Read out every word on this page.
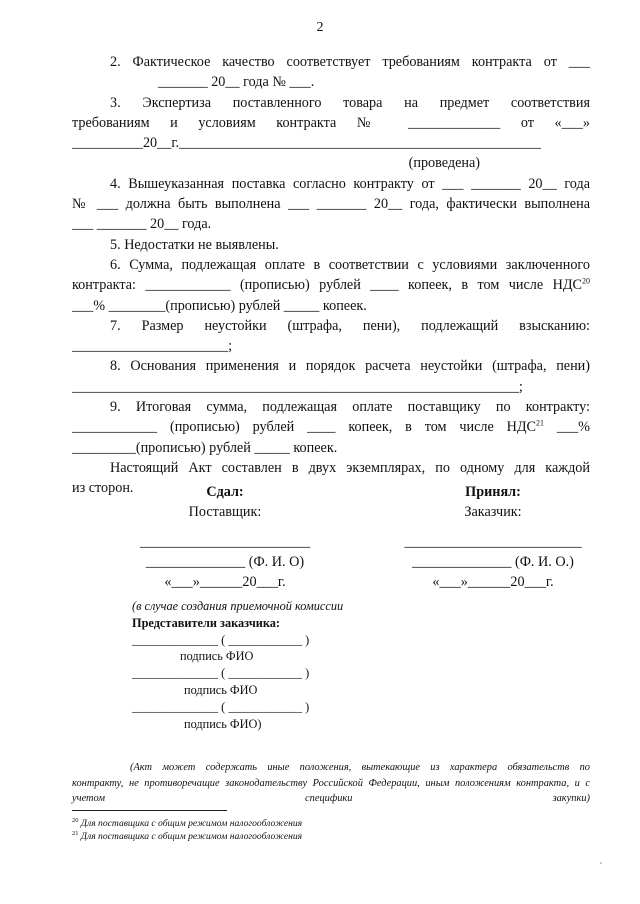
2

2. Фактическое качество соответствует требованиям контракта от ___

_______ 20__ года № ___.

3. Экспертиза поставленного товара на предмет соответствия

требованиям и условиям контракта № _____________ от «___»

__________20__г.___________________________________________________

(проведена)

4. Вышеуказанная поставка согласно контракту от ___ _______ 20__ года

№ ___ должна быть выполнена ___ _______ 20__ года, фактически выполнена

___ _______ 20__ года.

5. Недостатки не выявлены.

6. Сумма, подлежащая оплате в соответствии с условиями заключенного

контракта: ____________ (прописью) рублей ____ копеек, в том числе НДС$^{20}$

___% ________(прописью) рублей _____ копеек.

7. Размер неустойки (штрафа, пени), подлежащий взысканию:

______________________;

8. Основания применения и порядок расчета неустойки (штрафа, пени)

_______________________________________________________________;

9. Итоговая сумма, подлежащая оплате поставщику по контракту:

____________ (прописью) рублей ____ копеек, в том числе НДС$^{21}$ ___%

_________(прописью) рублей _____ копеек.

Настоящий Акт составлен в двух экземплярах, по одному для каждой

из сторон.	Сдал:
Поставщик:
________________________
______________ (Ф. И. О)
«___»______20___г.
Принял:
Заказчик:
_________________________
______________ (Ф. И. О.)
«___»______20___г.
(в случае создания приемочной комиссии
Представители заказчика:
______________ ( ____________ )
подпись ФИО
______________ ( ____________ )
подпись ФИО
______________ ( ____________ )
подпись ФИО)

(Акт может содержать иные положения, вытекающие из характера обязательств по

контракту, не противоречащие законодательству Российской Федерации, иным положениям контракта, и с
учетом	специфики	закупки)
$^{20}$ Для поставщика с общим режимом налогообложения
$^{21}$ Для поставщика с общим режимом налогообложения
